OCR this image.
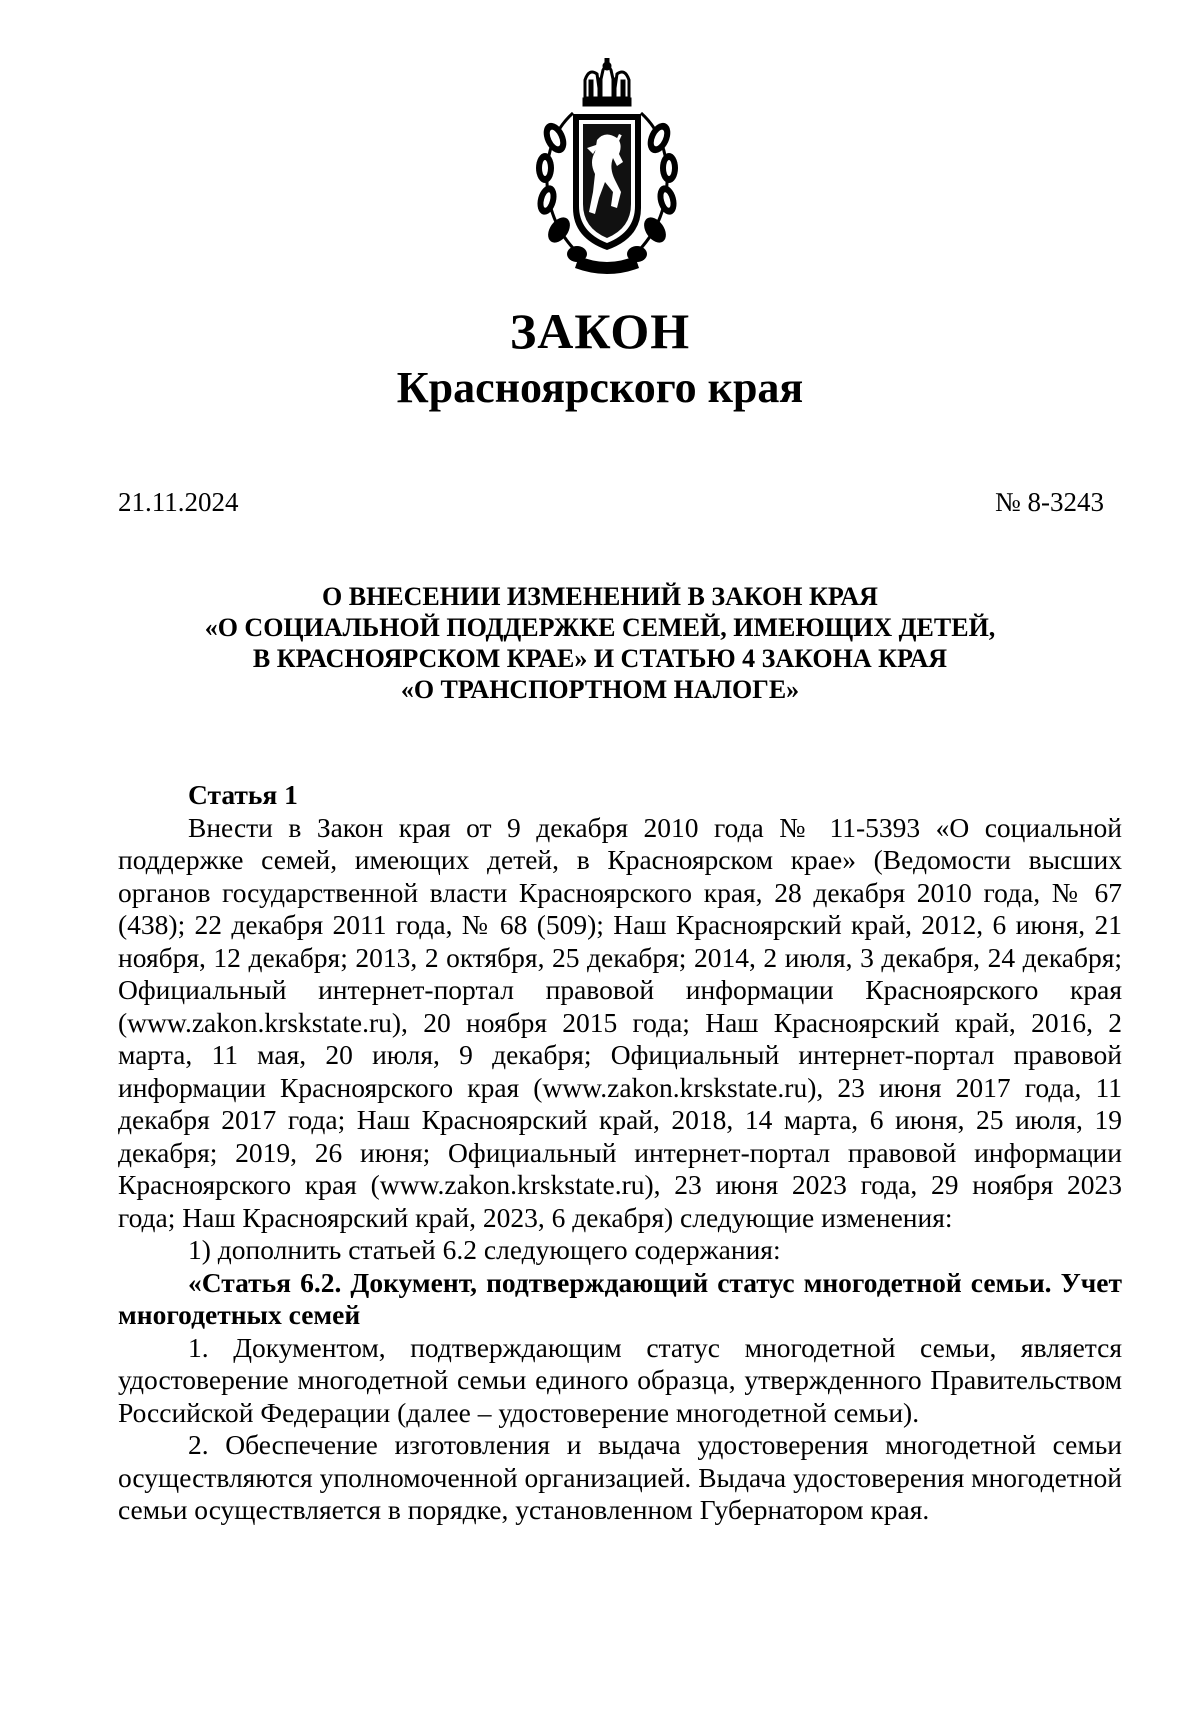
ЗАКОН
Красноярского края
21.11.2024	№ 8-3243
О ВНЕСЕНИИ ИЗМЕНЕНИЙ В ЗАКОН КРАЯ
«О СОЦИАЛЬНОЙ ПОДДЕРЖКЕ СЕМЕЙ, ИМЕЮЩИХ ДЕТЕЙ,
В КРАСНОЯРСКОМ КРАЕ» И СТАТЬЮ 4 ЗАКОНА КРАЯ
«О ТРАНСПОРТНОМ НАЛОГЕ»

Статья 1

Внести в Закон края от 9 декабря 2010 года № 11-5393 «О социальной поддержке семей, имеющих детей, в Красноярском крае» (Ведомости высших органов государственной власти Красноярского края, 28 декабря 2010 года, № 67 (438); 22 декабря 2011 года, № 68 (509); Наш Красноярский край, 2012, 6 июня, 21 ноября, 12 декабря; 2013, 2 октября, 25 декабря; 2014, 2 июля, 3 декабря, 24 декабря; Официальный интернет-портал правовой информации Красноярского края (www.zakon.krskstate.ru), 20 ноября 2015 года; Наш Красноярский край, 2016, 2 марта, 11 мая, 20 июля, 9 декабря; Официальный интернет-портал правовой информации Красноярского края (www.zakon.krskstate.ru), 23 июня 2017 года, 11 декабря 2017 года; Наш Красноярский край, 2018, 14 марта, 6 июня, 25 июля, 19 декабря; 2019, 26 июня; Официальный интернет-портал правовой информации Красноярского края (www.zakon.krskstate.ru), 23 июня 2023 года, 29 ноября 2023 года; Наш Красноярский край, 2023, 6 декабря) следующие изменения:

1) дополнить статьей 6.2 следующего содержания:

«Статья 6.2. Документ, подтверждающий статус многодетной семьи. Учет многодетных семей

1. Документом, подтверждающим статус многодетной семьи, является удостоверение многодетной семьи единого образца, утвержденного Правительством Российской Федерации (далее – удостоверение многодетной семьи).

2. Обеспечение изготовления и выдача удостоверения многодетной семьи осуществляются уполномоченной организацией. Выдача удостоверения многодетной семьи осуществляется в порядке, установленном Губернатором края.
